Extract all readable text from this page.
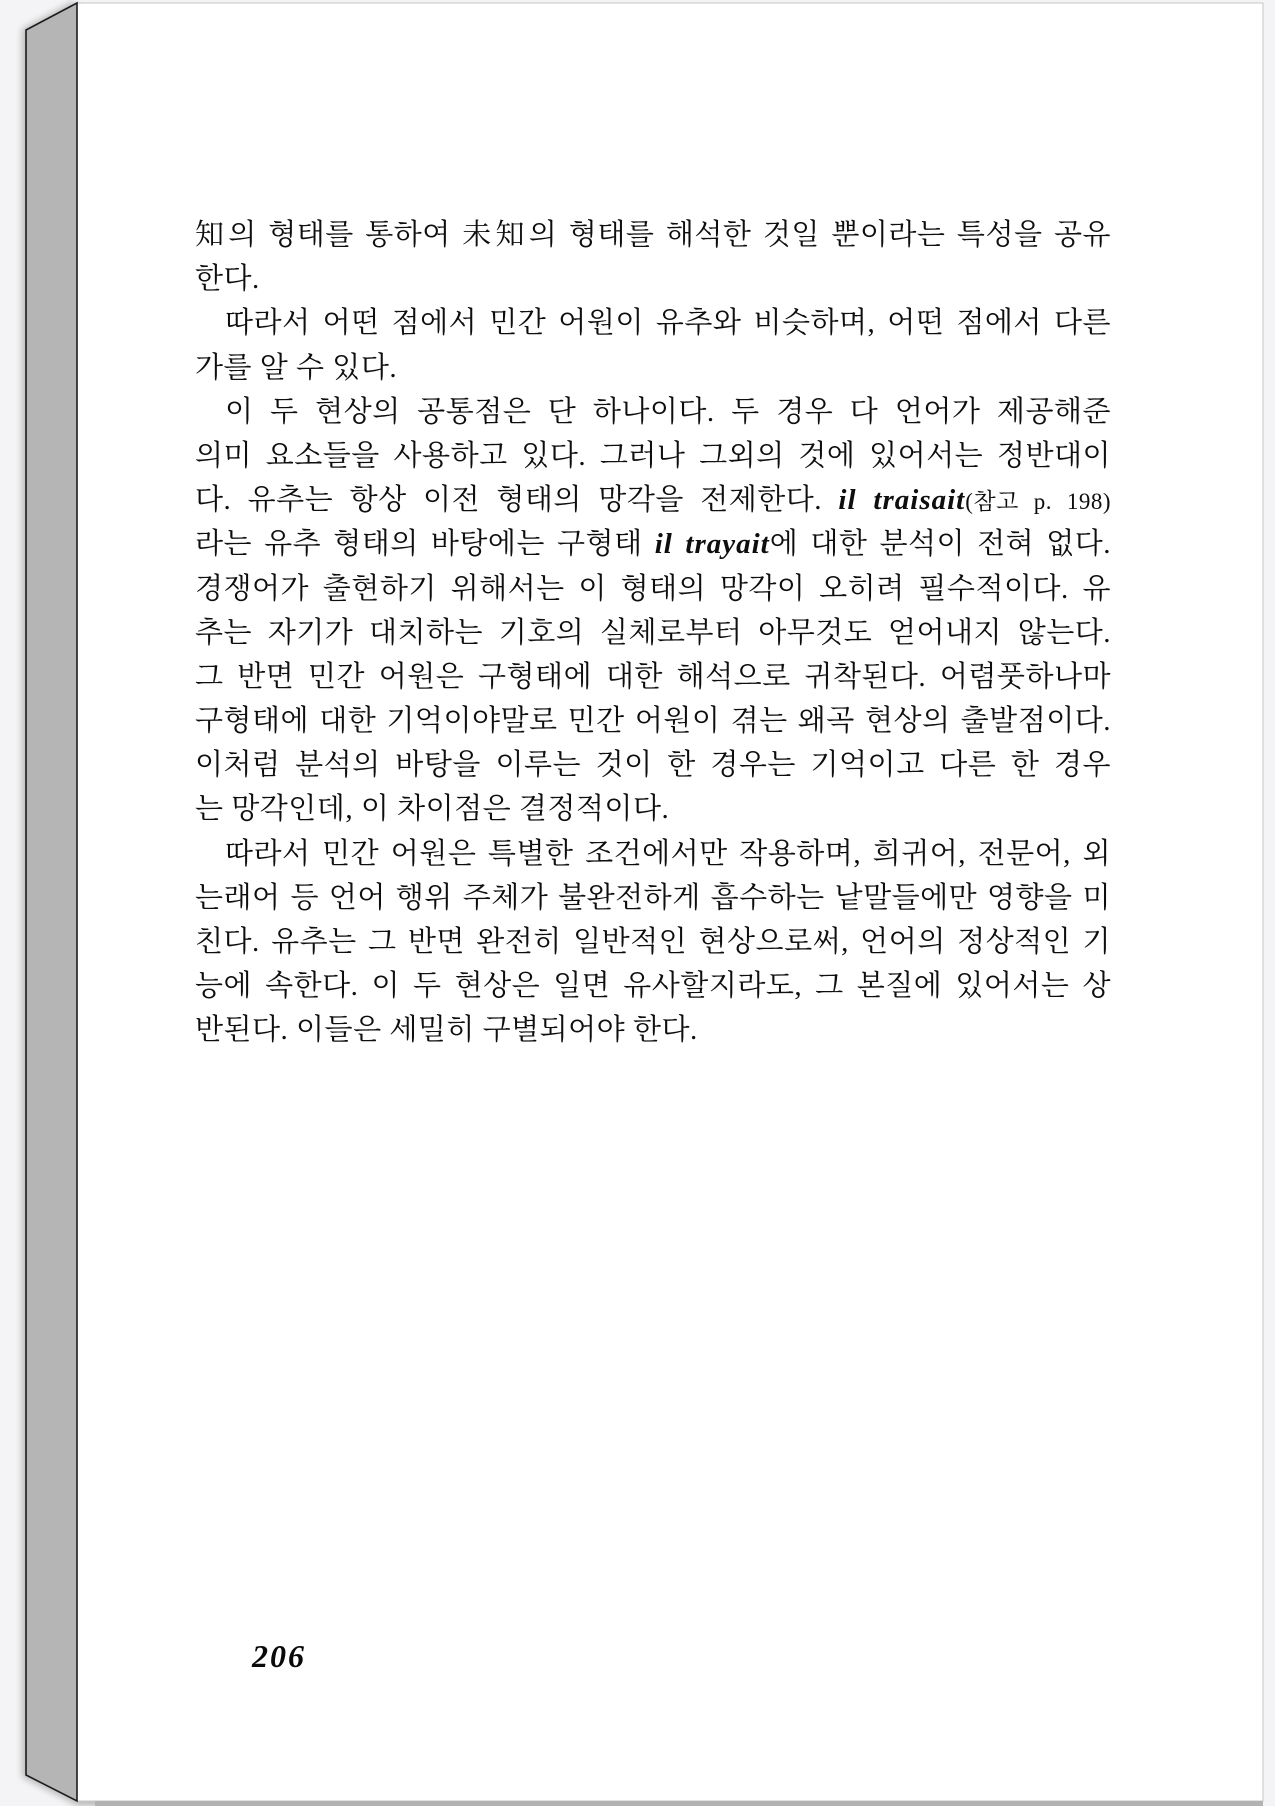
知의 형태를 통하여 未知의 형태를 해석한 것일 뿐이라는 특성을 공유
한다.
따라서 어떤 점에서 민간 어원이 유추와 비슷하며, 어떤 점에서 다른
가를 알 수 있다.
이 두 현상의 공통점은 단 하나이다. 두 경우 다 언어가 제공해준
의미 요소들을 사용하고 있다. 그러나 그외의 것에 있어서는 정반대이
다. 유추는 항상 이전 형태의 망각을 전제한다. il traisait(참고 p. 198)
라는 유추 형태의 바탕에는 구형태 il trayait에 대한 분석이 전혀 없다.
경쟁어가 출현하기 위해서는 이 형태의 망각이 오히려 필수적이다. 유
추는 자기가 대치하는 기호의 실체로부터 아무것도 얻어내지 않는다.
그 반면 민간 어원은 구형태에 대한 해석으로 귀착된다. 어렴풋하나마
구형태에 대한 기억이야말로 민간 어원이 겪는 왜곡 현상의 출발점이다.
이처럼 분석의 바탕을 이루는 것이 한 경우는 기억이고 다른 한 경우
는 망각인데, 이 차이점은 결정적이다.
따라서 민간 어원은 특별한 조건에서만 작용하며, 희귀어, 전문어, 외
는래어 등 언어 행위 주체가 불완전하게 흡수하는 낱말들에만 영향을 미
친다. 유추는 그 반면 완전히 일반적인 현상으로써, 언어의 정상적인 기
능에 속한다. 이 두 현상은 일면 유사할지라도, 그 본질에 있어서는 상
반된다. 이들은 세밀히 구별되어야 한다.
206
